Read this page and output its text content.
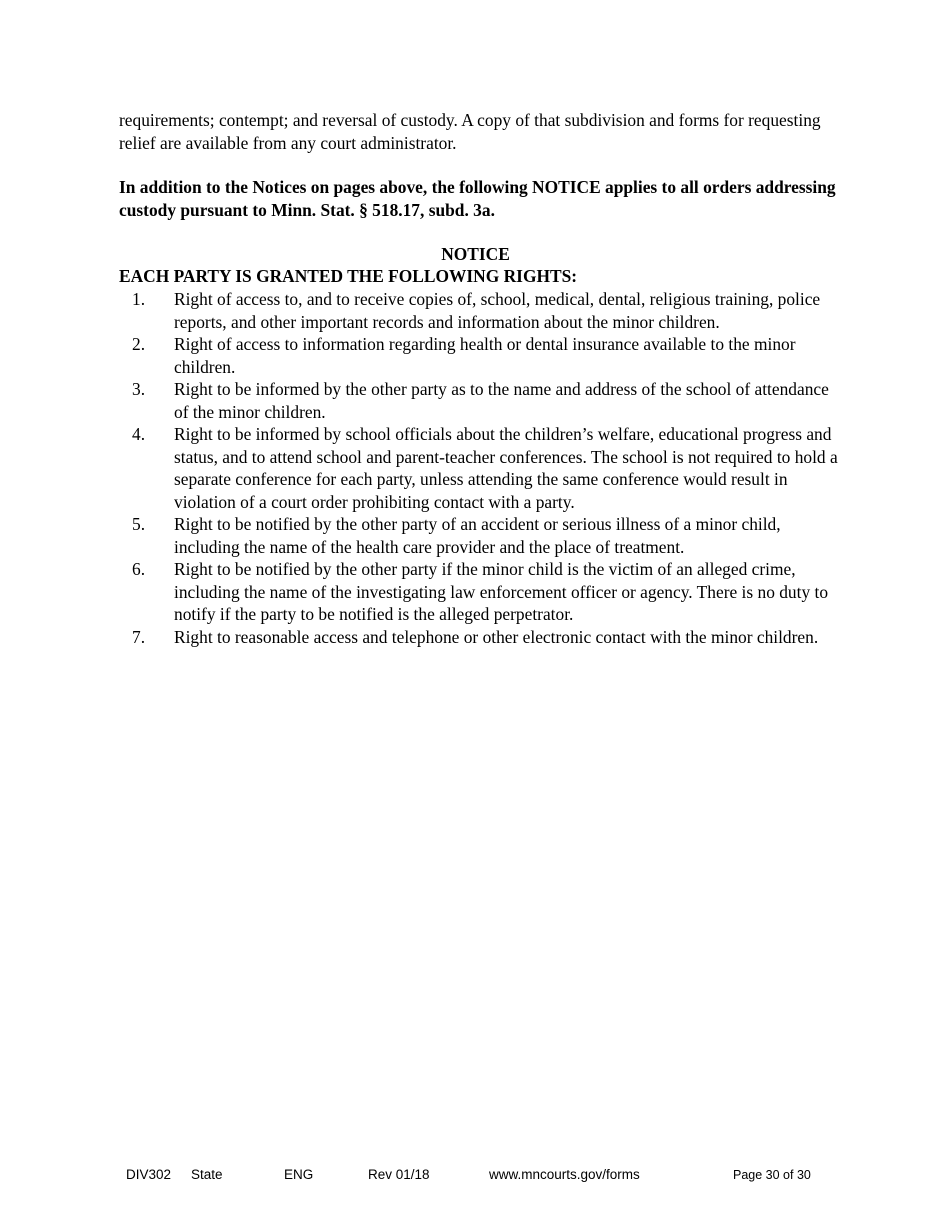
requirements; contempt; and reversal of custody. A copy of that subdivision and forms for requesting relief are available from any court administrator.
In addition to the Notices on pages above, the following NOTICE applies to all orders addressing custody pursuant to Minn. Stat. § 518.17, subd. 3a.
NOTICE
EACH PARTY IS GRANTED THE FOLLOWING RIGHTS:
1. Right of access to, and to receive copies of, school, medical, dental, religious training, police reports, and other important records and information about the minor children.
2. Right of access to information regarding health or dental insurance available to the minor children.
3. Right to be informed by the other party as to the name and address of the school of attendance of the minor children.
4. Right to be informed by school officials about the children’s welfare, educational progress and status, and to attend school and parent-teacher conferences. The school is not required to hold a separate conference for each party, unless attending the same conference would result in violation of a court order prohibiting contact with a party.
5. Right to be notified by the other party of an accident or serious illness of a minor child, including the name of the health care provider and the place of treatment.
6. Right to be notified by the other party if the minor child is the victim of an alleged crime, including the name of the investigating law enforcement officer or agency. There is no duty to notify if the party to be notified is the alleged perpetrator.
7. Right to reasonable access and telephone or other electronic contact with the minor children.
DIV302 State	ENG	Rev 01/18	www.mncourts.gov/forms	Page 30 of 30
